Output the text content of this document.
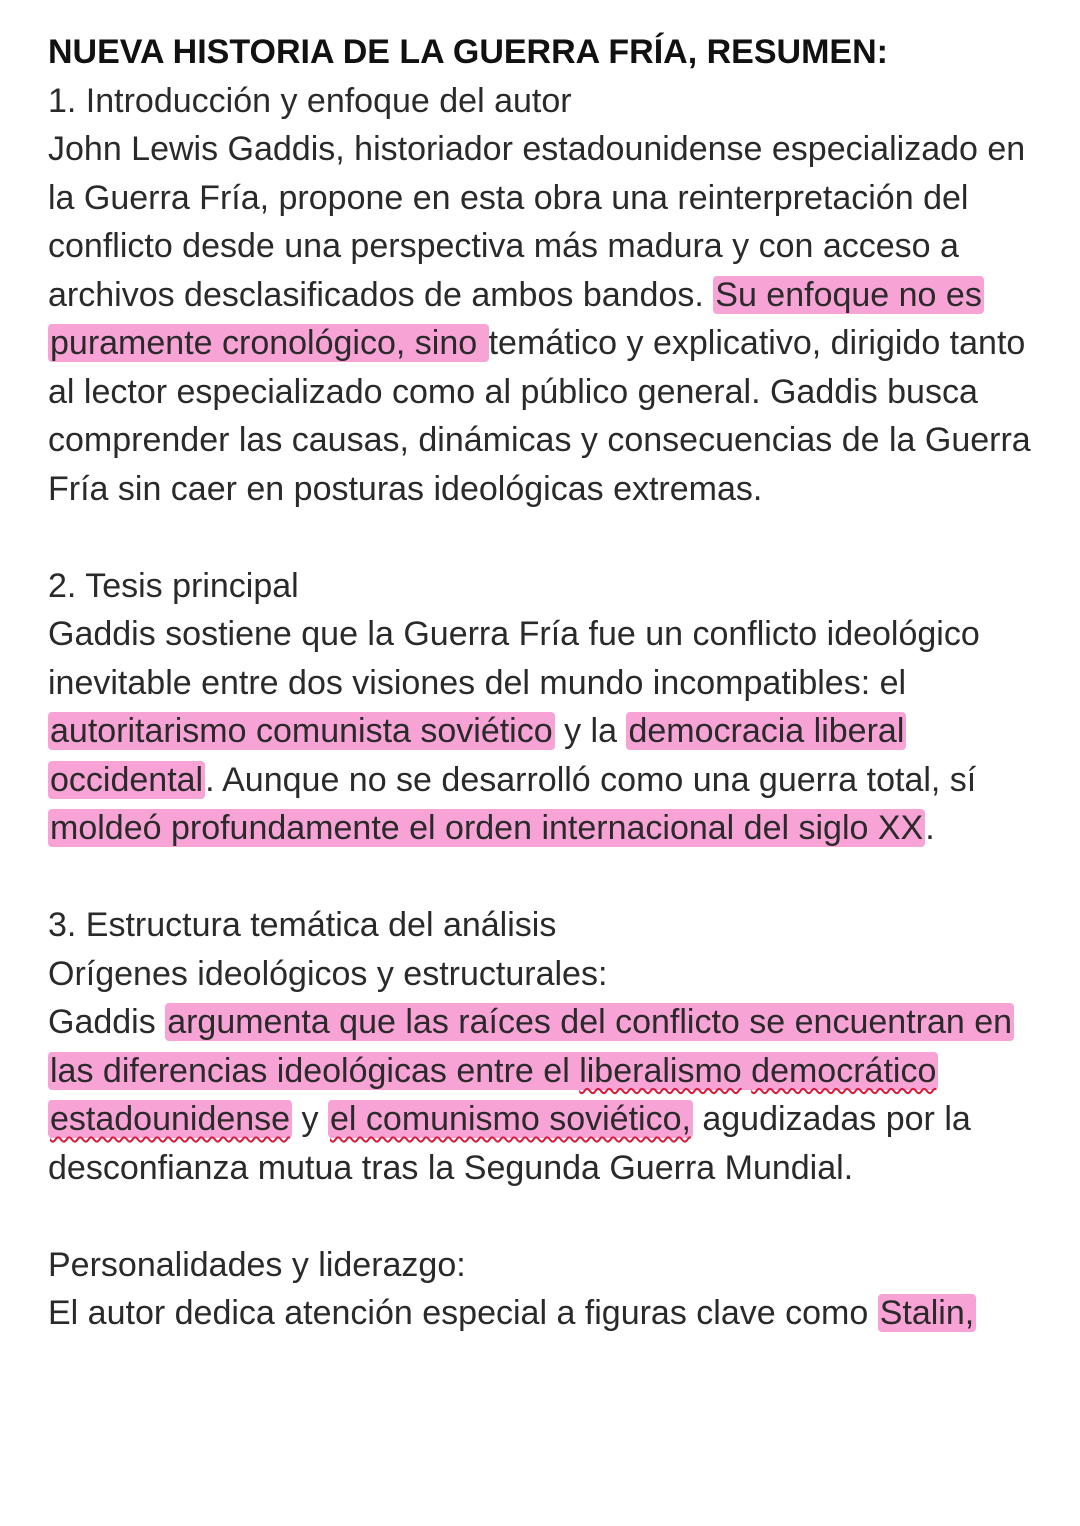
NUEVA HISTORIA DE LA GUERRA FRÍA, RESUMEN:

1. Introducción y enfoque del autor

John Lewis Gaddis, historiador estadounidense especializado en la Guerra Fría, propone en esta obra una reinterpretación del conflicto desde una perspectiva más madura y con acceso a archivos desclasificados de ambos bandos. Su enfoque no es puramente cronológico, sino temático y explicativo, dirigido tanto al lector especializado como al público general. Gaddis busca comprender las causas, dinámicas y consecuencias de la Guerra Fría sin caer en posturas ideológicas extremas.

2. Tesis principal

Gaddis sostiene que la Guerra Fría fue un conflicto ideológico inevitable entre dos visiones del mundo incompatibles: el autoritarismo comunista soviético y la democracia liberal occidental. Aunque no se desarrolló como una guerra total, sí moldeó profundamente el orden internacional del siglo XX.

3. Estructura temática del análisis

Orígenes ideológicos y estructurales:

Gaddis argumenta que las raíces del conflicto se encuentran en las diferencias ideológicas entre el liberalismo democrático estadounidense y el comunismo soviético, agudizadas por la desconfianza mutua tras la Segunda Guerra Mundial.

Personalidades y liderazgo:

El autor dedica atención especial a figuras clave como Stalin,
